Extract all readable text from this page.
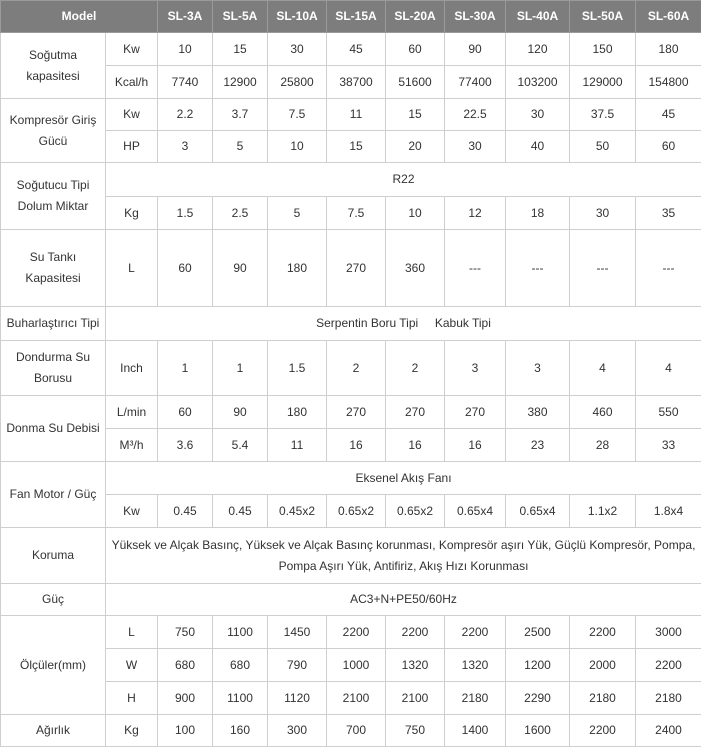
Model		SL-3A	SL-5A	SL-10A	SL-15A	SL-20A	SL-30A	SL-40A	SL-50A	SL-60A
Soğutma
kapasitesi	Kw	10	15	30	45	60	90	120	150	180
	Kcal/h	7740	12900	25800	38700	51600	77400	103200	129000	154800
Kompresör Giriş
Gücü	Kw	2.2	3.7	7.5	11	15	22.5	30	37.5	45
	HP	3	5	10	15	20	30	40	50	60
Soğutucu Tipi
Dolum Miktar	R22									
	Kg	1.5	2.5	5	7.5	10	12	18	30	35
Su Tankı
Kapasitesi	L	60	90	180	270	360	---	---	---	---
Buharlaştırıcı Tipi	Serpentin Boru Tipi     Kabuk Tipi									
Dondurma Su
Borusu	Inch	1	1	1.5	2	2	3	3	4	4
Donma Su Debisi	L/min	60	90	180	270	270	270	380	460	550
	M³/h	3.6	5.4	11	16	16	16	23	28	33
Fan Motor / Güç	Eksenel Akış Fanı									
	Kw	0.45	0.45	0.45x2	0.65x2	0.65x2	0.65x4	0.65x4	1.1x2	1.8x4
Koruma	Yüksek ve Alçak Basınç, Yüksek ve Alçak Basınç korunması, Kompresör aşırı Yük, Güçlü Kompresör, Pompa, Pompa Aşırı Yük, Antifiriz, Akış Hızı Korunması									
Güç	AC3+N+PE50/60Hz									
Ölçüler(mm)	L	750	1100	1450	2200	2200	2200	2500	2200	3000
	W	680	680	790	1000	1320	1320	1200	2000	2200
	H	900	1100	1120	2100	2100	2180	2290	2180	2180
Ağırlık	Kg	100	160	300	700	750	1400	1600	2200	2400
